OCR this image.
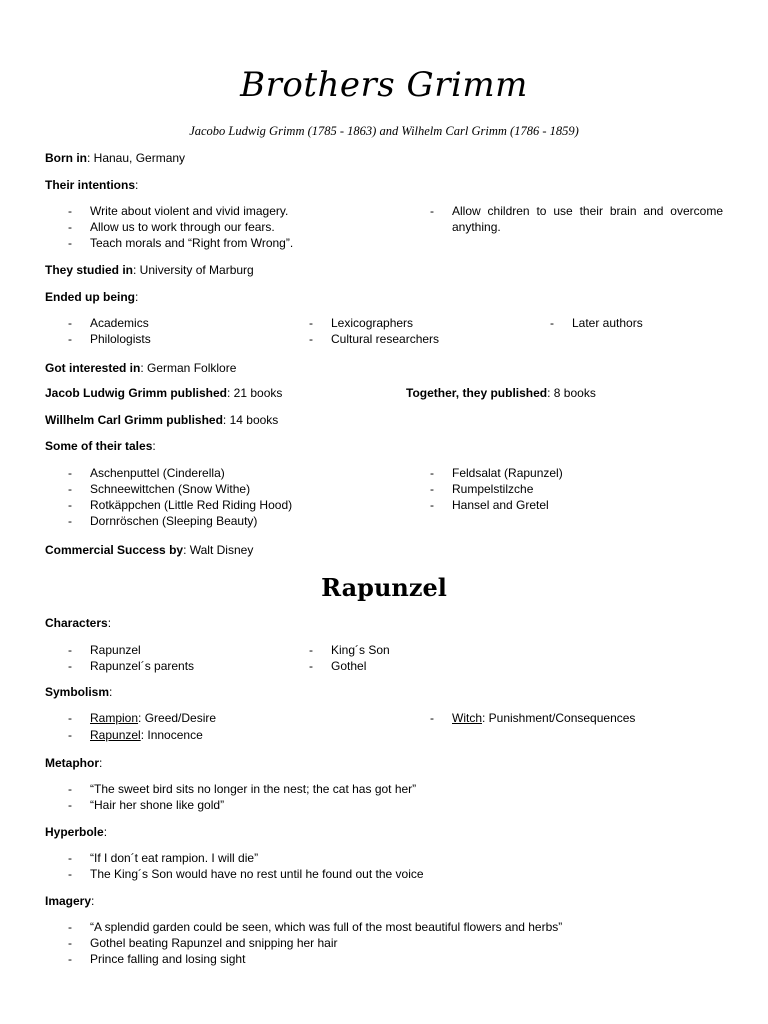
Brothers Grimm
Jacobo Ludwig Grimm (1785 - 1863) and Wilhelm Carl Grimm (1786 - 1859)
Born in: Hanau, Germany
Their intentions:
- Write about violent and vivid imagery.
- Allow us to work through our fears.
- Teach morals and “Right from Wrong”.
- Allow children to use their brain and overcome anything.
They studied in: University of Marburg
Ended up being:
- Academics
- Philologists
- Lexicographers
- Cultural researchers
- Later authors
Got interested in: German Folklore
Jacob Ludwig Grimm published: 21 books	Together, they published: 8 books
Willhelm Carl Grimm published: 14 books
Some of their tales:
- Aschenputtel (Cinderella)
- Schneewittchen (Snow Withe)
- Rotkäppchen (Little Red Riding Hood)
- Dornröschen (Sleeping Beauty)
- Feldsalat (Rapunzel)
- Rumpelstilzche
- Hansel and Gretel
Commercial Success by: Walt Disney
Rapunzel
Characters:
- Rapunzel
- Rapunzel´s parents
- King´s Son
- Gothel
Symbolism:
- Rampion: Greed/Desire
- Rapunzel: Innocence
- Witch: Punishment/Consequences
Metaphor:
- “The sweet bird sits no longer in the nest; the cat has got her”
- “Hair her shone like gold”
Hyperbole:
- “If I don´t eat rampion. I will die”
- The King´s Son would have no rest until he found out the voice
Imagery:
- “A splendid garden could be seen, which was full of the most beautiful flowers and herbs”
- Gothel beating Rapunzel and snipping her hair
- Prince falling and losing sight
